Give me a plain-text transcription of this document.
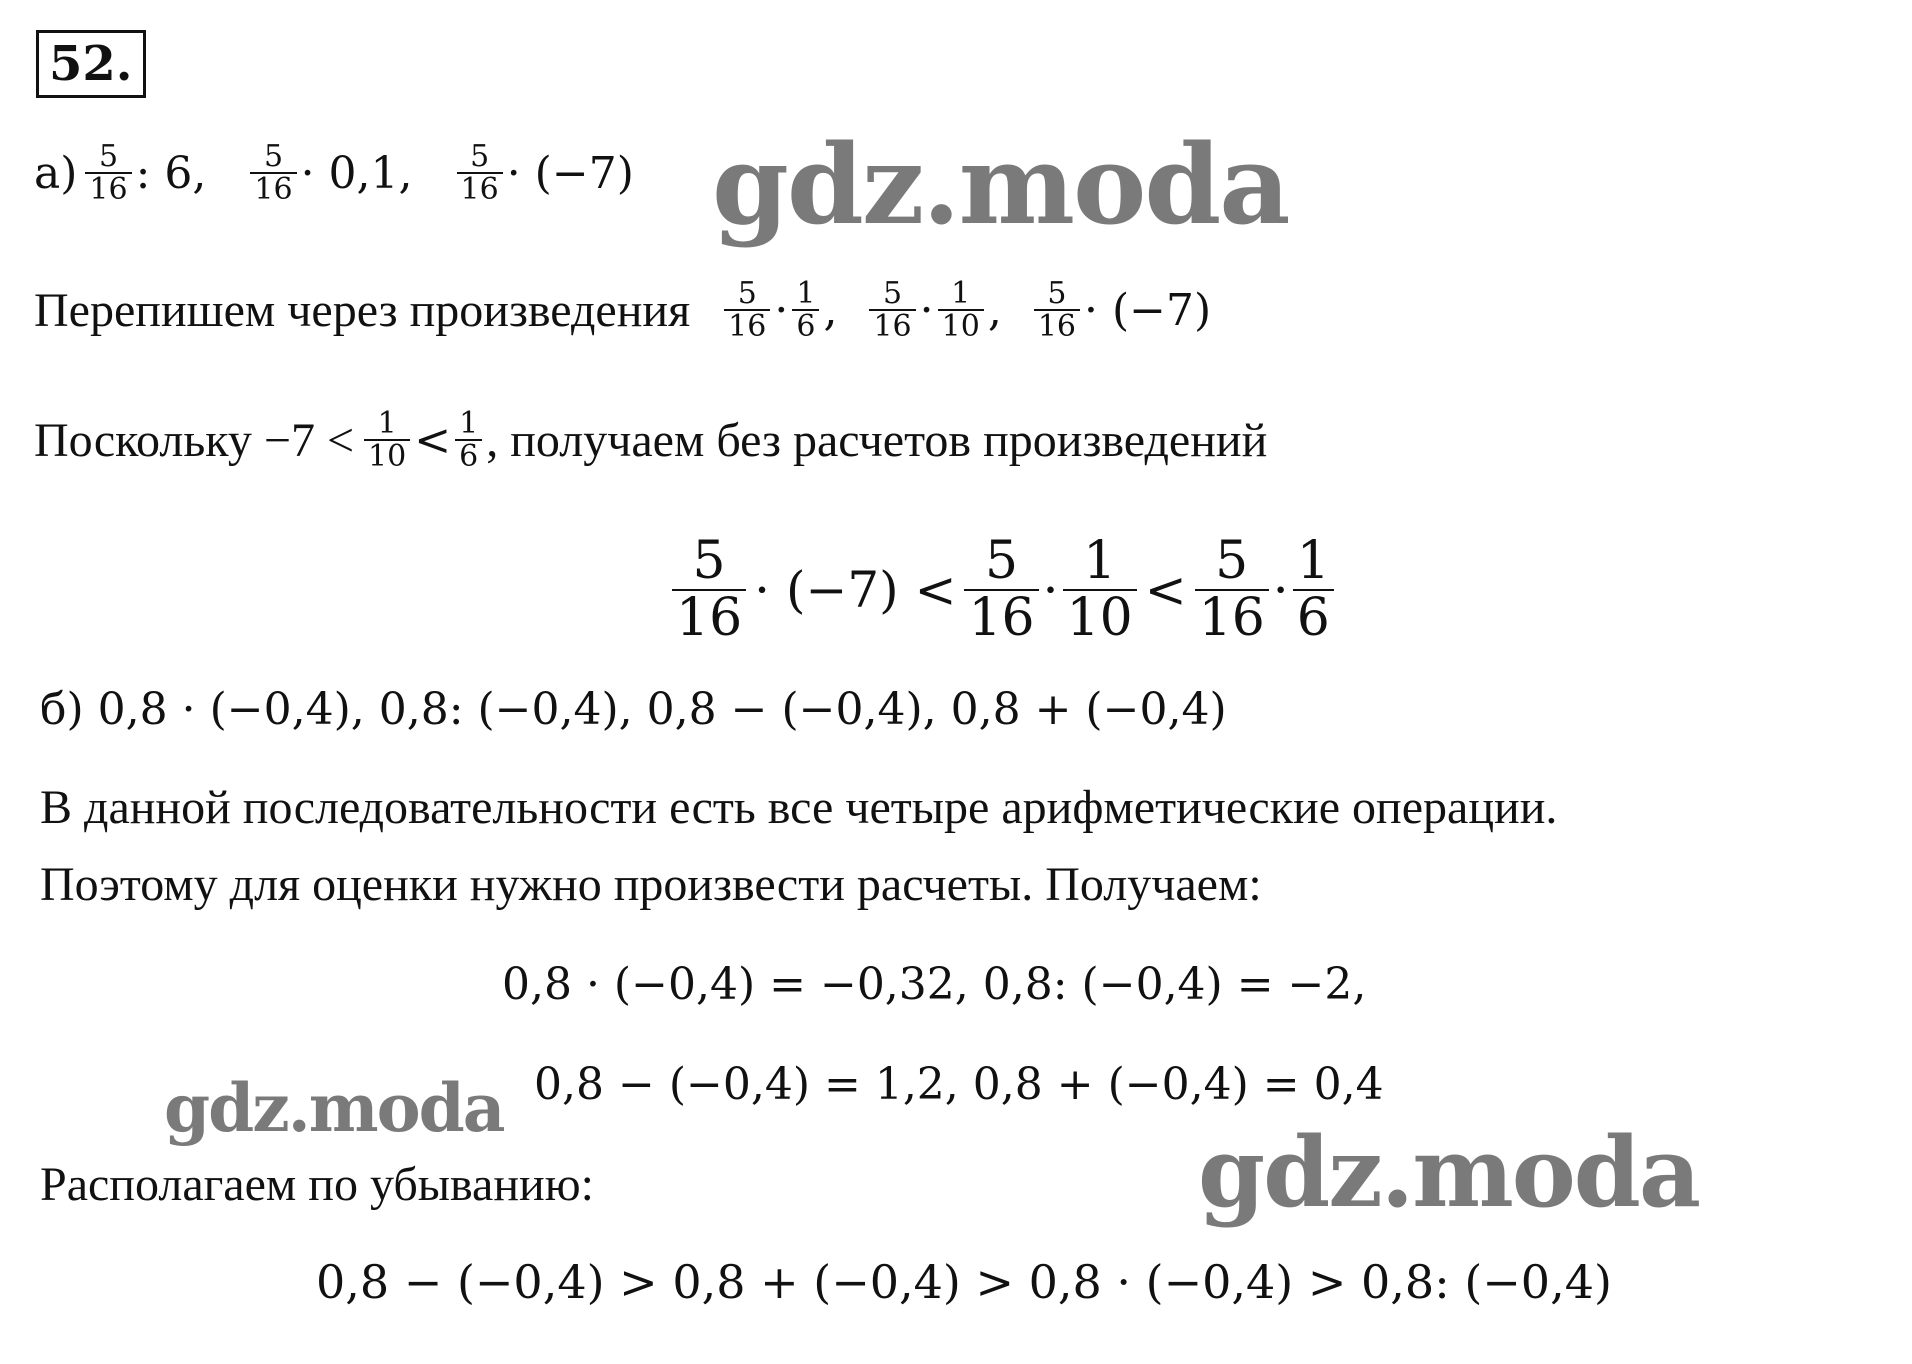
52.
$а) \frac{5}{16}$ : 6, $\frac{5}{16} \cdot 0,1$, $\frac{5}{16} \cdot (-7)$ gdz.moda
Перепишем через произведения $\frac{5}{16} \cdot \frac{1}{6}$ , $\frac{5}{16} \cdot \frac{1}{10}$ , $\frac{5}{16} \cdot (-7)$
Поскольку $-7 < \frac{1}{10} < \frac{1}{6}$ , получаем без расчетов произведений
$\frac{5}{16} \cdot (-7) < \frac{5}{16} \cdot \frac{1}{10} < \frac{5}{16} \cdot \frac{1}{6}$
б) 0,8 · (−0,4), 0,8: (−0,4), 0,8 − (−0,4), 0,8 + (−0,4)
В данной последовательности есть все четыре арифметические операции.
Поэтому для оценки нужно произвести расчеты. Получаем:
0,8 · (−0,4) = −0,32, 0,8: (−0,4) = −2,
0,8 − (−0,4) = 1,2, 0,8 + (−0,4) = 0,4
gdz.moda
Располагаем по убыванию:	gdz.moda
0,8 − (−0,4) > 0,8 + (−0,4) > 0,8 · (−0,4) > 0,8: (−0,4)
